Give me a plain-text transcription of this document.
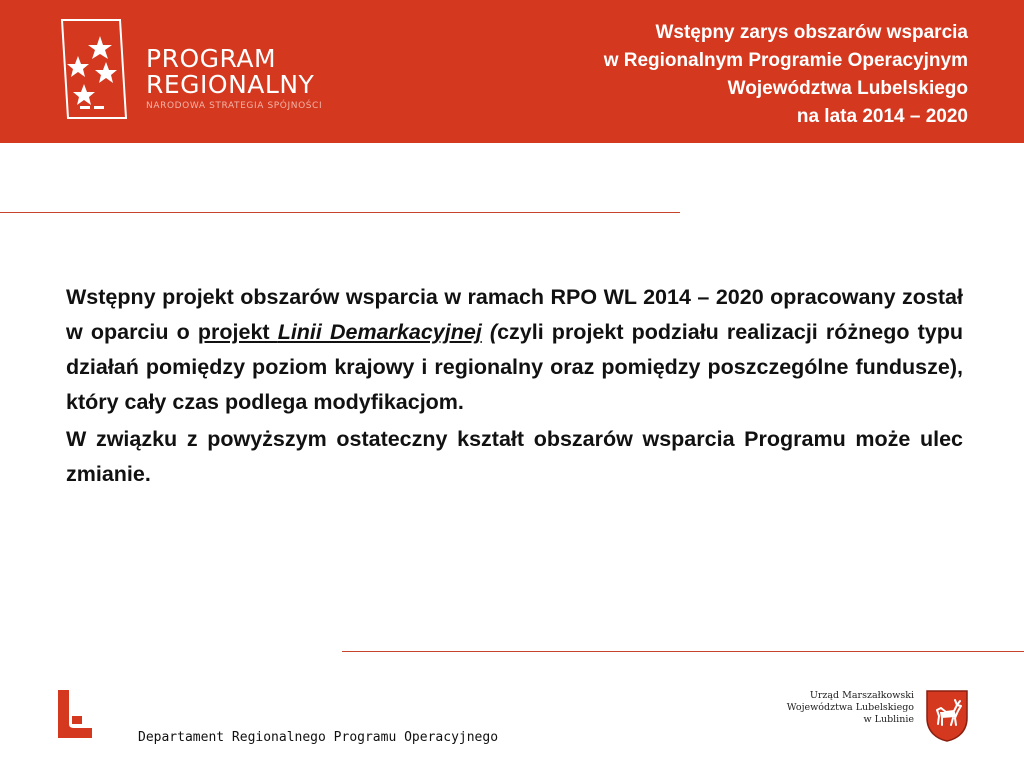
PROGRAM
REGIONALNY
NARODOWA STRATEGIA SPÓJNOŚCI
Wstępny zarys obszarów wsparcia
w Regionalnym Programie Operacyjnym
Województwa Lubelskiego
na lata 2014 – 2020

Wstępny projekt obszarów wsparcia w ramach RPO WL 2014 – 2020 opracowany został w oparciu o projekt Linii Demarkacyjnej (czyli projekt podziału realizacji różnego typu działań pomiędzy poziom krajowy i regionalny oraz pomiędzy poszczególne fundusze), który cały czas podlega modyfikacjom.

W związku z powyższym ostateczny kształt obszarów wsparcia Programu może ulec zmianie.

Departament Regionalnego Programu Operacyjnego
Urząd Marszałkowski
Województwa Lubelskiego
w Lublinie
